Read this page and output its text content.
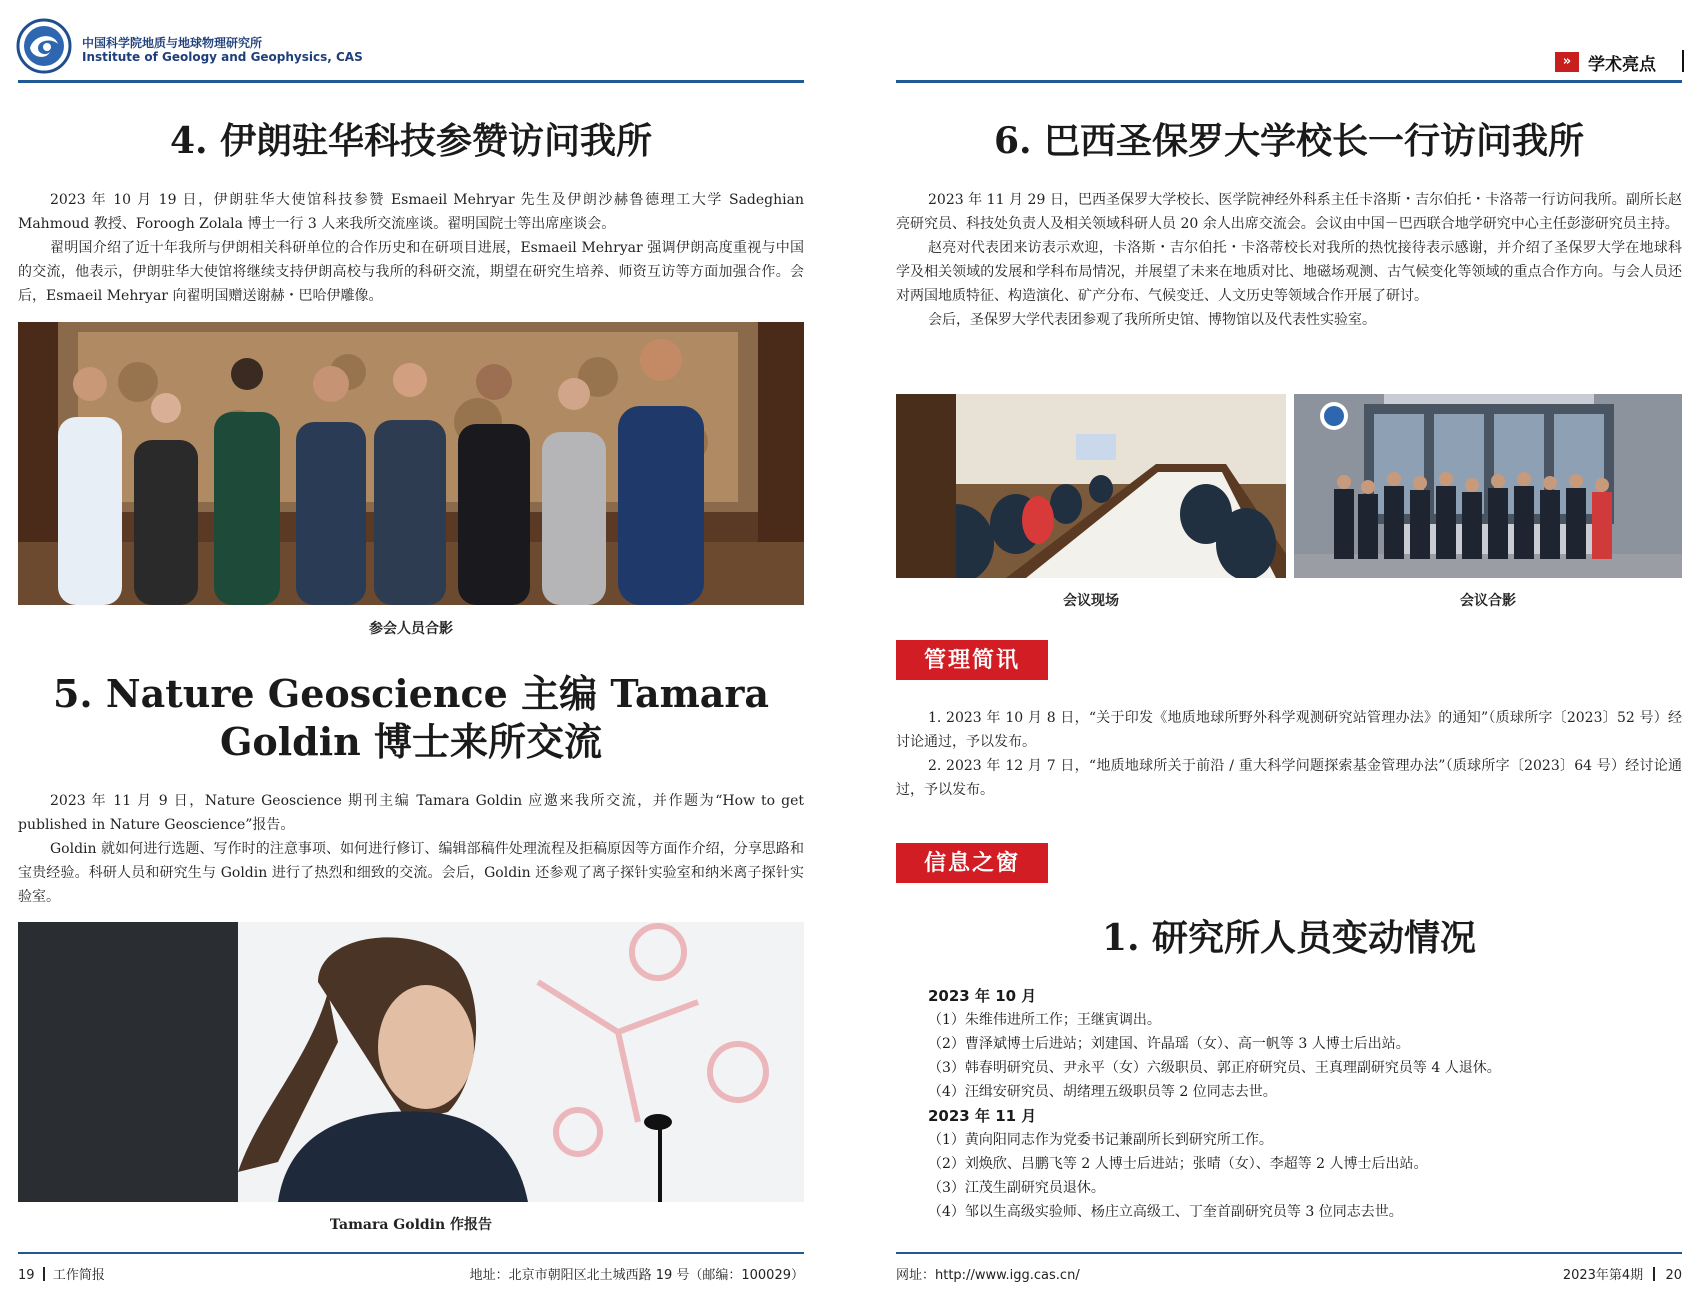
中国科学院地质与地球物理研究所
Institute of Geology and Geophysics, CAS
4. 伊朗驻华科技参赞访问我所

2023 年 10 月 19 日，伊朗驻华大使馆科技参赞 Esmaeil Mehryar 先生及伊朗沙赫鲁德理工大学 Sadeghian Mahmoud 教授、Foroogh Zolala 博士一行 3 人来我所交流座谈。翟明国院士等出席座谈会。

翟明国介绍了近十年我所与伊朗相关科研单位的合作历史和在研项目进展，Esmaeil Mehryar 强调伊朗高度重视与中国的交流，他表示，伊朗驻华大使馆将继续支持伊朗高校与我所的科研交流，期望在研究生培养、师资互访等方面加强合作。会后，Esmaeil Mehryar 向翟明国赠送谢赫・巴哈伊雕像。

参会人员合影
5. Nature Geoscience 主编 Tamara
Goldin 博士来所交流

2023 年 11 月 9 日，Nature Geoscience 期刊主编 Tamara Goldin 应邀来我所交流，并作题为“How to get published in Nature Geoscience”报告。

Goldin 就如何进行选题、写作时的注意事项、如何进行修订、编辑部稿件处理流程及拒稿原因等方面作介绍，分享思路和宝贵经验。科研人员和研究生与 Goldin 进行了热烈和细致的交流。会后，Goldin 还参观了离子探针实验室和纳米离子探针实验室。

Tamara Goldin 作报告
19 工作简报	地址：北京市朝阳区北土城西路 19 号（邮编：100029）
» 学术亮点
6. 巴西圣保罗大学校长一行访问我所

2023 年 11 月 29 日，巴西圣保罗大学校长、医学院神经外科系主任卡洛斯・吉尔伯托・卡洛蒂一行访问我所。副所长赵亮研究员、科技处负责人及相关领域科研人员 20 余人出席交流会。会议由中国－巴西联合地学研究中心主任彭澎研究员主持。

赵亮对代表团来访表示欢迎，卡洛斯・吉尔伯托・卡洛蒂校长对我所的热忱接待表示感谢，并介绍了圣保罗大学在地球科学及相关领域的发展和学科布局情况，并展望了未来在地质对比、地磁场观测、古气候变化等领域的重点合作方向。与会人员还对两国地质特征、构造演化、矿产分布、气候变迁、人文历史等领域合作开展了研讨。

会后，圣保罗大学代表团参观了我所所史馆、博物馆以及代表性实验室。

会议现场	会议合影
管理简讯

1. 2023 年 10 月 8 日，“关于印发《地质地球所野外科学观测研究站管理办法》的通知”（质球所字〔2023〕52 号）经讨论通过，予以发布。

2. 2023 年 12 月 7 日，“地质地球所关于前沿 / 重大科学问题探索基金管理办法”（质球所字〔2023〕64 号）经讨论通过，予以发布。

信息之窗
1. 研究所人员变动情况
2023 年 10 月
（1）朱维伟进所工作；王继寅调出。
（2）曹泽斌博士后进站；刘建国、许晶瑶（女）、高一帆等 3 人博士后出站。
（3）韩春明研究员、尹永平（女）六级职员、郭正府研究员、王真理副研究员等 4 人退休。
（4）汪缉安研究员、胡绪理五级职员等 2 位同志去世。
2023 年 11 月
（1）黄向阳同志作为党委书记兼副所长到研究所工作。
（2）刘焕欣、吕鹏飞等 2 人博士后进站；张晴（女）、李超等 2 人博士后出站。
（3）江茂生副研究员退休。
（4）邹以生高级实验师、杨庄立高级工、丁奎首副研究员等 3 位同志去世。
网址：http://www.igg.cas.cn/	2023年第4期 20
